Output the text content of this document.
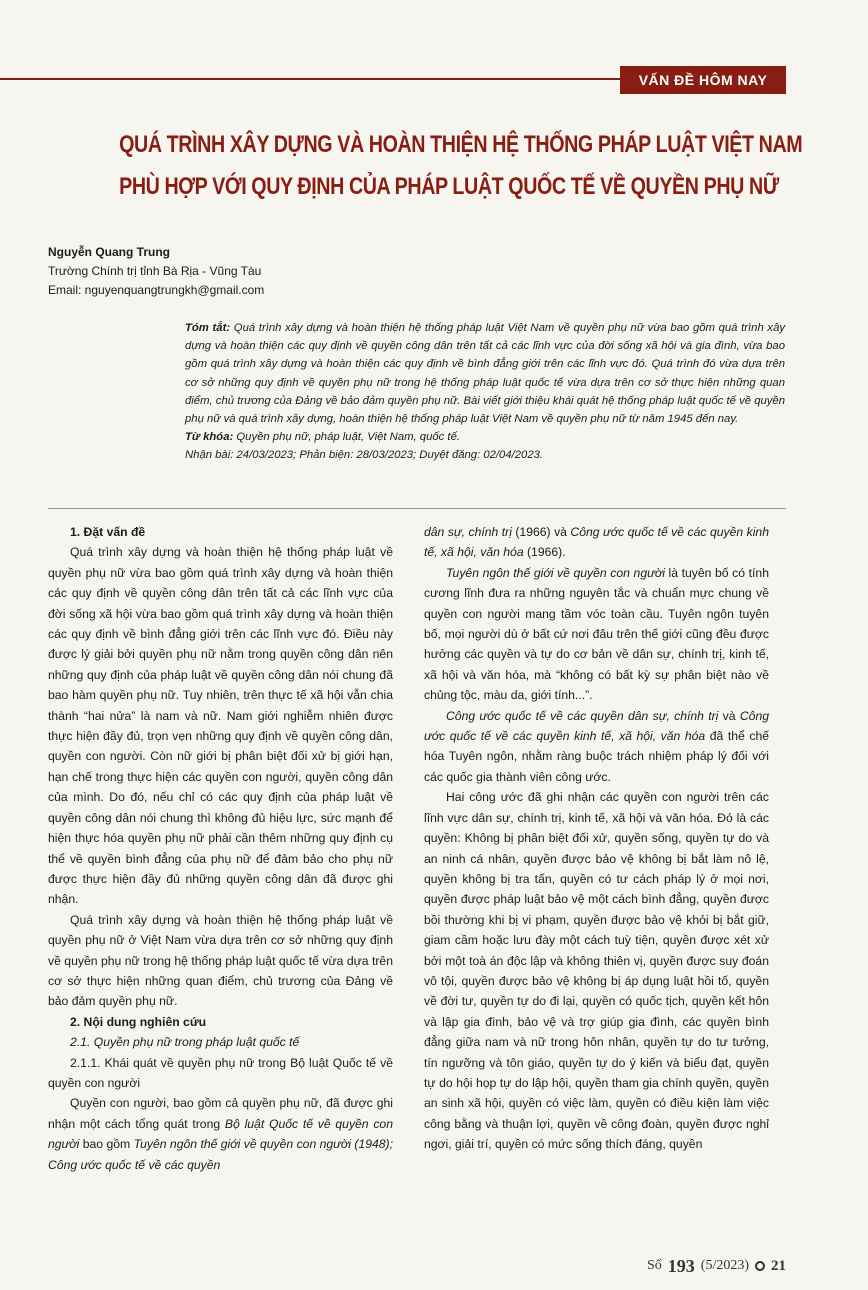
VẤN ĐỀ HÔM NAY
QUÁ TRÌNH XÂY DỰNG VÀ HOÀN THIỆN HỆ THỐNG PHÁP LUẬT VIỆT NAM
PHÙ HỢP VỚI QUY ĐỊNH CỦA PHÁP LUẬT QUỐC TẾ VỀ QUYỀN PHỤ NỮ
Nguyễn Quang Trung
Trường Chính trị tỉnh Bà Rịa - Vũng Tàu
Email: nguyenquangtrungkh@gmail.com

Tóm tắt: Quá trình xây dựng và hoàn thiện hệ thống pháp luật Việt Nam về quyền phụ nữ vừa bao gồm quá trình xây dựng và hoàn thiện các quy định về quyền công dân trên tất cả các lĩnh vực của đời sống xã hội và gia đình, vừa bao gồm quá trình xây dựng và hoàn thiện các quy định về bình đẳng giới trên các lĩnh vực đó. Quá trình đó vừa dựa trên cơ sở những quy định về quyền phụ nữ trong hệ thống pháp luật quốc tế vừa dựa trên cơ sở thực hiện những quan điểm, chủ trương của Đảng về bảo đảm quyền phụ nữ. Bài viết giới thiệu khái quát hệ thống pháp luật quốc tế về quyền phụ nữ và quá trình xây dựng, hoàn thiện hệ thống pháp luật Việt Nam về quyền phụ nữ từ năm 1945 đến nay.

Từ khóa: Quyền phụ nữ, pháp luật, Việt Nam, quốc tế.

Nhận bài: 24/03/2023; Phản biện: 28/03/2023; Duyệt đăng: 02/04/2023.

1. Đặt vấn đề

Quá trình xây dựng và hoàn thiện hệ thống pháp luật về quyền phụ nữ vừa bao gồm quá trình xây dựng và hoàn thiện các quy định về quyền công dân trên tất cả các lĩnh vực của đời sống xã hội vừa bao gồm quá trình xây dựng và hoàn thiện các quy định về bình đẳng giới trên các lĩnh vực đó. Điều này được lý giải bởi quyền phụ nữ nằm trong quyền công dân nên những quy định của pháp luật về quyền công dân nói chung đã bao hàm quyền phụ nữ. Tuy nhiên, trên thực tế xã hội vẫn chia thành “hai nửa” là nam và nữ. Nam giới nghiễm nhiên được thực hiện đầy đủ, trọn vẹn những quy định về quyền công dân, quyền con người. Còn nữ giới bị phân biệt đối xử bị giới hạn, hạn chế trong thực hiện các quyền con người, quyền công dân của mình. Do đó, nếu chỉ có các quy định của pháp luật về quyền công dân nói chung thì không đủ hiệu lực, sức mạnh để hiện thực hóa quyền phụ nữ phải cần thêm những quy định cụ thể về quyền bình đẳng của phụ nữ để đảm bảo cho phụ nữ được thực hiện đầy đủ những quyền công dân đã được ghi nhận.

Quá trình xây dựng và hoàn thiện hệ thống pháp luật về quyền phụ nữ ở Việt Nam vừa dựa trên cơ sở những quy định về quyền phụ nữ trong hệ thống pháp luật quốc tế vừa dựa trên cơ sở thực hiện những quan điểm, chủ trương của Đảng về bảo đảm quyền phụ nữ.

2. Nội dung nghiên cứu
2.1. Quyền phụ nữ trong pháp luật quốc tế

2.1.1. Khái quát về quyền phụ nữ trong Bộ luật Quốc tế về quyền con người

Quyền con người, bao gồm cả quyền phụ nữ, đã được ghi nhận một cách tổng quát trong Bộ luật Quốc tế về quyền con người bao gồm Tuyên ngôn thế giới về quyền con người (1948); Công ước quốc tế về các quyền

dân sự, chính trị (1966) và Công ước quốc tế về các quyền kinh tế, xã hội, văn hóa (1966).

Tuyên ngôn thế giới về quyền con người là tuyên bố có tính cương lĩnh đưa ra những nguyên tắc và chuẩn mực chung về quyền con người mang tầm vóc toàn cầu. Tuyên ngôn tuyên bố, mọi người dù ở bất cứ nơi đâu trên thế giới cũng đều được hưởng các quyền và tự do cơ bản về dân sự, chính trị, kinh tế, xã hội và văn hóa, mà “không có bất kỳ sự phân biệt nào về chủng tộc, màu da, giới tính...”.

Công ước quốc tế về các quyền dân sự, chính trị và Công ước quốc tế về các quyền kinh tế, xã hội, văn hóa đã thể chế hóa Tuyên ngôn, nhằm ràng buộc trách nhiệm pháp lý đối với các quốc gia thành viên công ước.

Hai công ước đã ghi nhận các quyền con người trên các lĩnh vực dân sự, chính trị, kinh tế, xã hội và văn hóa. Đó là các quyền: Không bị phân biệt đối xử, quyền sống, quyền tự do và an ninh cá nhân, quyền được bảo vệ không bị bắt làm nô lệ, quyền không bị tra tấn, quyền có tư cách pháp lý ở mọi nơi, quyền được pháp luật bảo vệ một cách bình đẳng, quyền được bồi thường khi bị vi phạm, quyền được bảo vệ khỏi bị bắt giữ, giam cầm hoặc lưu đày một cách tuỳ tiện, quyền được xét xử bởi một toà án độc lập và không thiên vị, quyền được suy đoán vô tội, quyền được bảo vệ không bị áp dụng luật hồi tố, quyền về đời tư, quyền tự do đi lại, quyền có quốc tịch, quyền kết hôn và lập gia đình, bảo vệ và trợ giúp gia đình, các quyền bình đẳng giữa nam và nữ trong hôn nhân, quyền tự do tư tưởng, tín ngưỡng và tôn giáo, quyền tự do ý kiến và biểu đạt, quyền tự do hội họp tự do lập hội, quyền tham gia chính quyền, quyền an sinh xã hội, quyền có việc làm, quyền có điều kiện làm việc công bằng và thuận lợi, quyền về công đoàn, quyền được nghỉ ngơi, giải trí, quyền có mức sống thích đáng, quyền

Số 193 (5/2023) 21
